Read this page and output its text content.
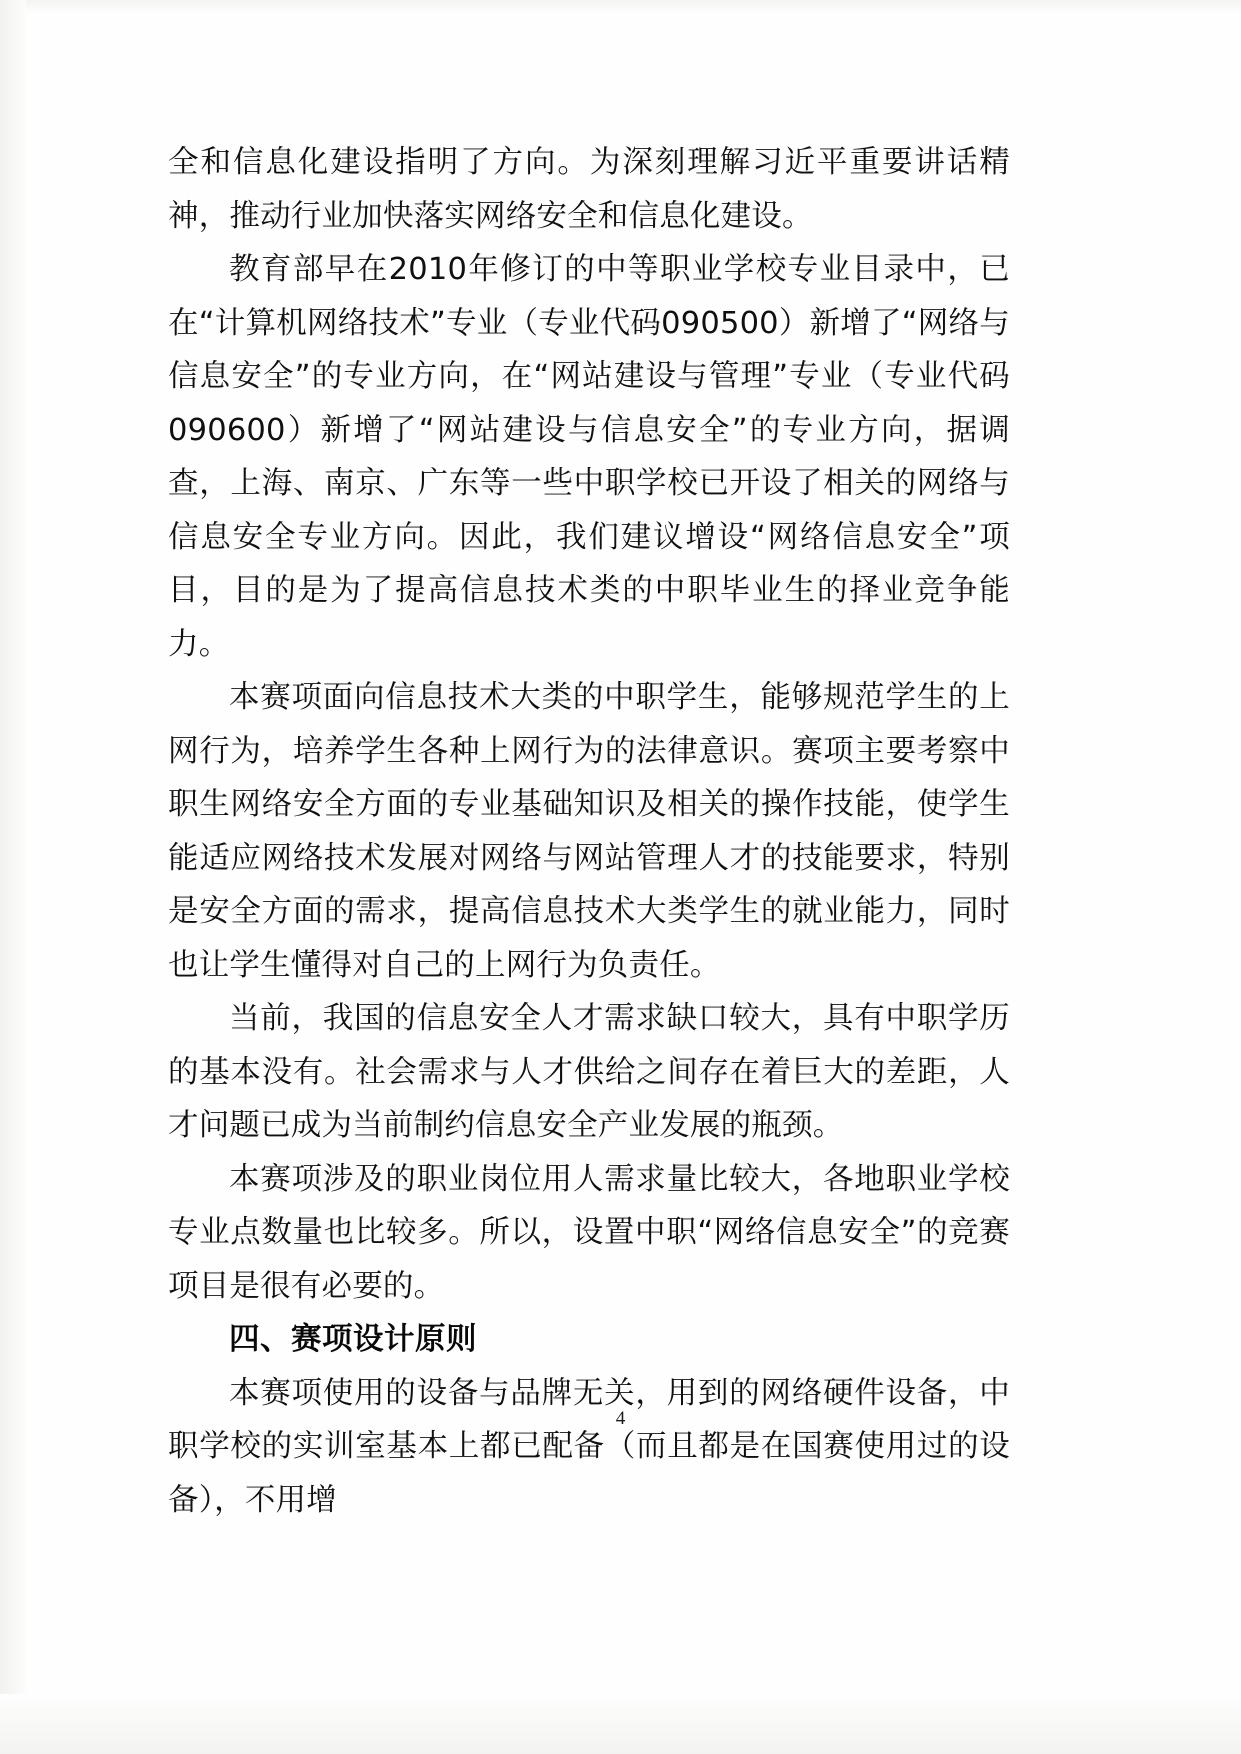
全和信息化建设指明了方向。为深刻理解习近平重要讲话精神，推动行业加快落实网络安全和信息化建设。

教育部早在2010年修订的中等职业学校专业目录中，已在“计算机网络技术”专业（专业代码090500）新增了“网络与信息安全”的专业方向，在“网站建设与管理”专业（专业代码090600）新增了“网站建设与信息安全”的专业方向，据调查，上海、南京、广东等一些中职学校已开设了相关的网络与信息安全专业方向。因此，我们建议增设“网络信息安全”项目，目的是为了提高信息技术类的中职毕业生的择业竞争能力。

本赛项面向信息技术大类的中职学生，能够规范学生的上网行为，培养学生各种上网行为的法律意识。赛项主要考察中职生网络安全方面的专业基础知识及相关的操作技能，使学生能适应网络技术发展对网络与网站管理人才的技能要求，特别是安全方面的需求，提高信息技术大类学生的就业能力，同时也让学生懂得对自己的上网行为负责任。

当前，我国的信息安全人才需求缺口较大，具有中职学历的基本没有。社会需求与人才供给之间存在着巨大的差距，人才问题已成为当前制约信息安全产业发展的瓶颈。

本赛项涉及的职业岗位用人需求量比较大，各地职业学校专业点数量也比较多。所以，设置中职“网络信息安全”的竞赛项目是很有必要的。

四、赛项设计原则

本赛项使用的设备与品牌无关，用到的网络硬件设备，中职学校的实训室基本上都已配备（而且都是在国赛使用过的设备），不用增

4
